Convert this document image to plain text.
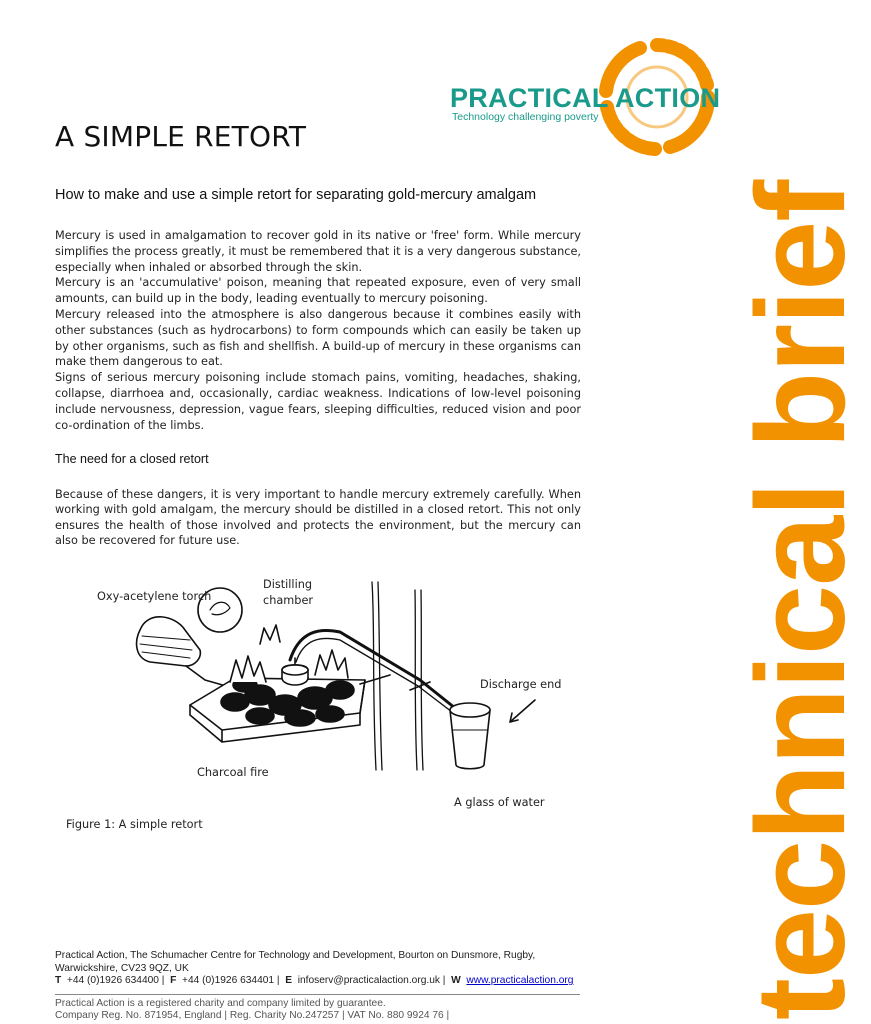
PRACTICAL ACTION
Technology challenging poverty
technical brief
A SIMPLE RETORT
How to make and use a simple retort for separating gold-mercury amalgam

Mercury is used in amalgamation to recover gold in its native or 'free' form. While mercury simplifies the process greatly, it must be remembered that it is a very dangerous substance, especially when inhaled or absorbed through the skin.

Mercury is an 'accumulative' poison, meaning that repeated exposure, even of very small amounts, can build up in the body, leading eventually to mercury poisoning.

Mercury released into the atmosphere is also dangerous because it combines easily with other substances (such as hydrocarbons) to form compounds which can easily be taken up by other organisms, such as fish and shellfish. A build-up of mercury in these organisms can make them dangerous to eat.

Signs of serious mercury poisoning include stomach pains, vomiting, headaches, shaking, collapse, diarrhoea and, occasionally, cardiac weakness. Indications of low-level poisoning include nervousness, depression, vague fears, sleeping difficulties, reduced vision and poor co-ordination of the limbs.

The need for a closed retort
Because of these dangers, it is very important to handle mercury extremely carefully. When working with gold amalgam, the mercury should be distilled in a closed retort. This not only ensures the health of those involved and protects the environment, but the mercury can also be recovered for future use.
Oxy-acetylene torch
Distilling
chamber
Discharge end
Charcoal fire
A glass of water
Figure 1: A simple retort
Practical Action, The Schumacher Centre for Technology and Development, Bourton on Dunsmore, Rugby,
Warwickshire, CV23 9QZ, UK
T +44 (0)1926 634400 |  F +44 (0)1926 634401 |  E infoserv@practicalaction.org.uk |  W www.practicalaction.org
Practical Action is a registered charity and company limited by guarantee.
Company Reg. No. 871954, England | Reg. Charity No.247257 | VAT No. 880 9924 76 |
